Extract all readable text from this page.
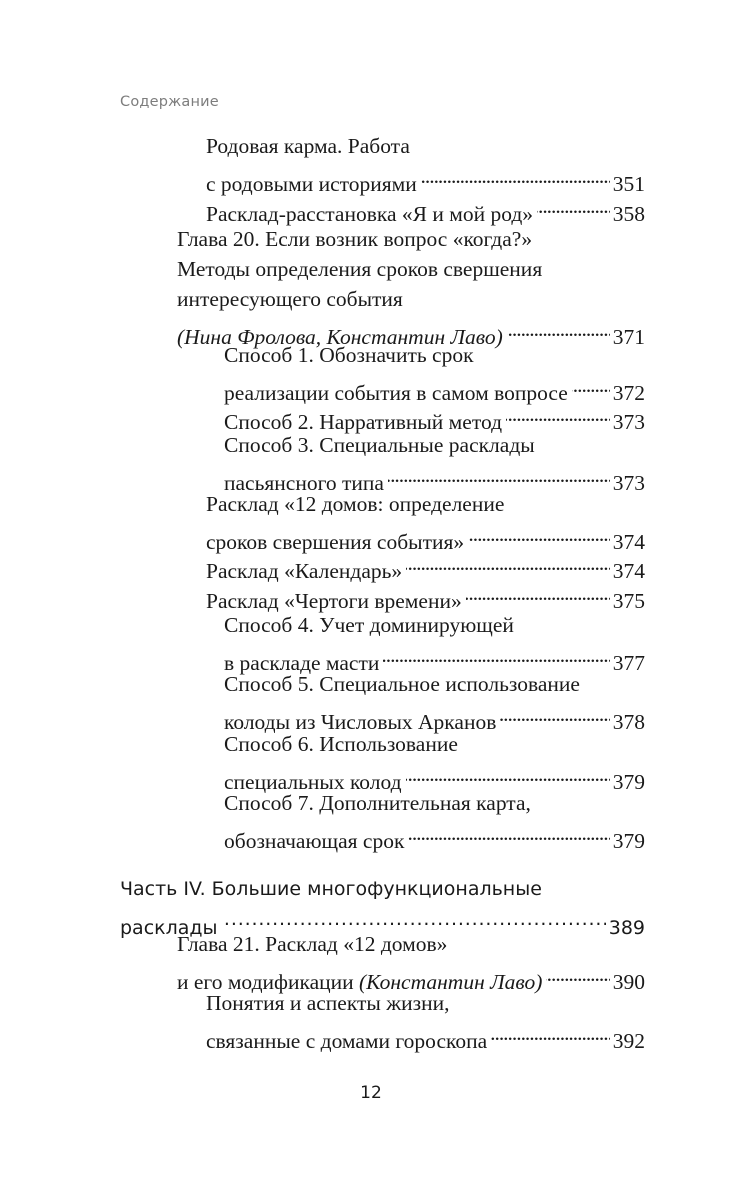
Содержание
Родовая карма. Работа
с родовыми историями . . .	351
Расклад-расстановка «Я и мой род» . . .	358
Глава 20. Если возник вопрос «когда?»
Методы определения сроков свершения
интересующего события
(Нина Фролова, Константин Лаво) . . .	371
Способ 1. Обозначить срок
реализации события в самом вопросе . . . 372
Способ 2. Нарративный метод . . .	373
Способ 3. Специальные расклады
пасьянсного типа . . .	373
Расклад «12 домов: определение
сроков свершения события» . . .	374
Расклад «Календарь» . . .	374
Расклад «Чертоги времени» . . .	375
Способ 4. Учет доминирующей
в раскладе масти . . .	377
Способ 5. Специальное использование
колоды из Числовых Арканов . . .	378
Способ 6. Использование
специальных колод . . .	379
Способ 7. Дополнительная карта,
обозначающая срок . . .	379
Часть IV. Большие многофункциональные
расклады . . .	389
Глава 21. Расклад «12 домов»
и его модификации (Константин Лаво) . . .	390
Понятия и аспекты жизни,
связанные с домами гороскопа . . .	392
12
